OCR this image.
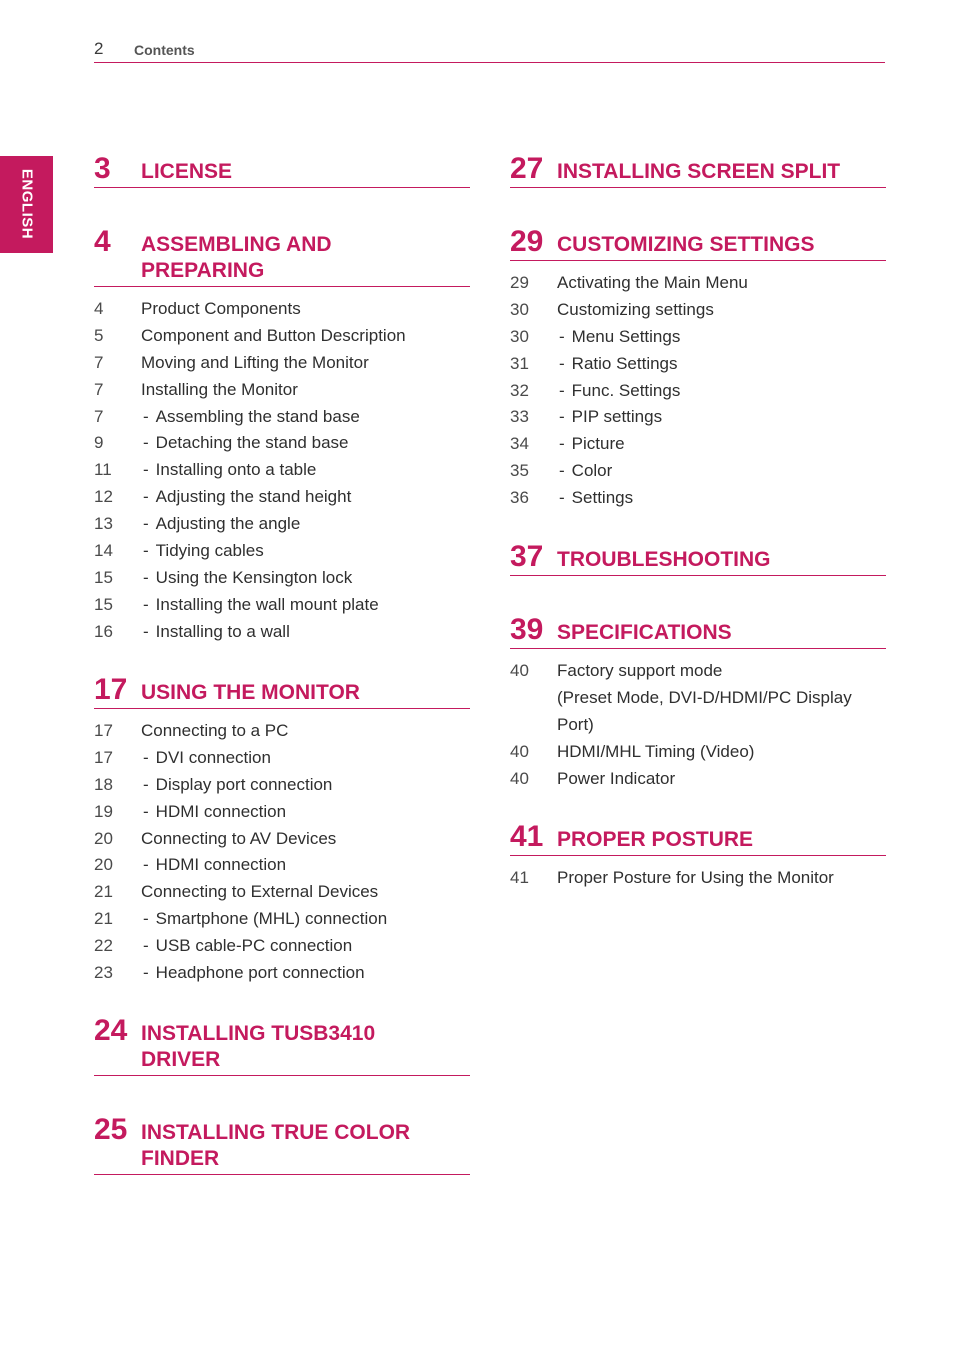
2 Contents
ENGLISH
3 LICENSE
4 ASSEMBLING AND PREPARING
4 Product Components
5 Component and Button Description
7 Moving and Lifting the Monitor
7 Installing the Monitor
7	- Assembling the stand base
9	- Detaching the stand base
11	- Installing onto a table
12	- Adjusting the stand height
13	- Adjusting the angle
14	- Tidying cables
15	- Using the Kensington lock
15	- Installing the wall mount plate
16	- Installing to a wall
17 USING THE MONITOR
17 Connecting to a PC
17	- DVI connection
18	- Display port connection
19	- HDMI connection
20 Connecting to AV Devices
20	- HDMI connection
21 Connecting to External Devices
21	- Smartphone (MHL) connection
22	- USB cable-PC connection
23	- Headphone port connection
24 INSTALLING TUSB3410 DRIVER
25 INSTALLING TRUE COLOR FINDER
27 INSTALLING SCREEN SPLIT
29 CUSTOMIZING SETTINGS
29 Activating the Main Menu
30 Customizing settings
30	- Menu Settings
31	- Ratio Settings
32	- Func. Settings
33	- PIP settings
34	- Picture
35	- Color
36	- Settings
37 TROUBLESHOOTING
39 SPECIFICATIONS
40 Factory support mode
(Preset Mode, DVI-D/HDMI/PC Display
Port)
40 HDMI/MHL Timing (Video)
40 Power Indicator
41 PROPER POSTURE
41 Proper Posture for Using the Monitor
